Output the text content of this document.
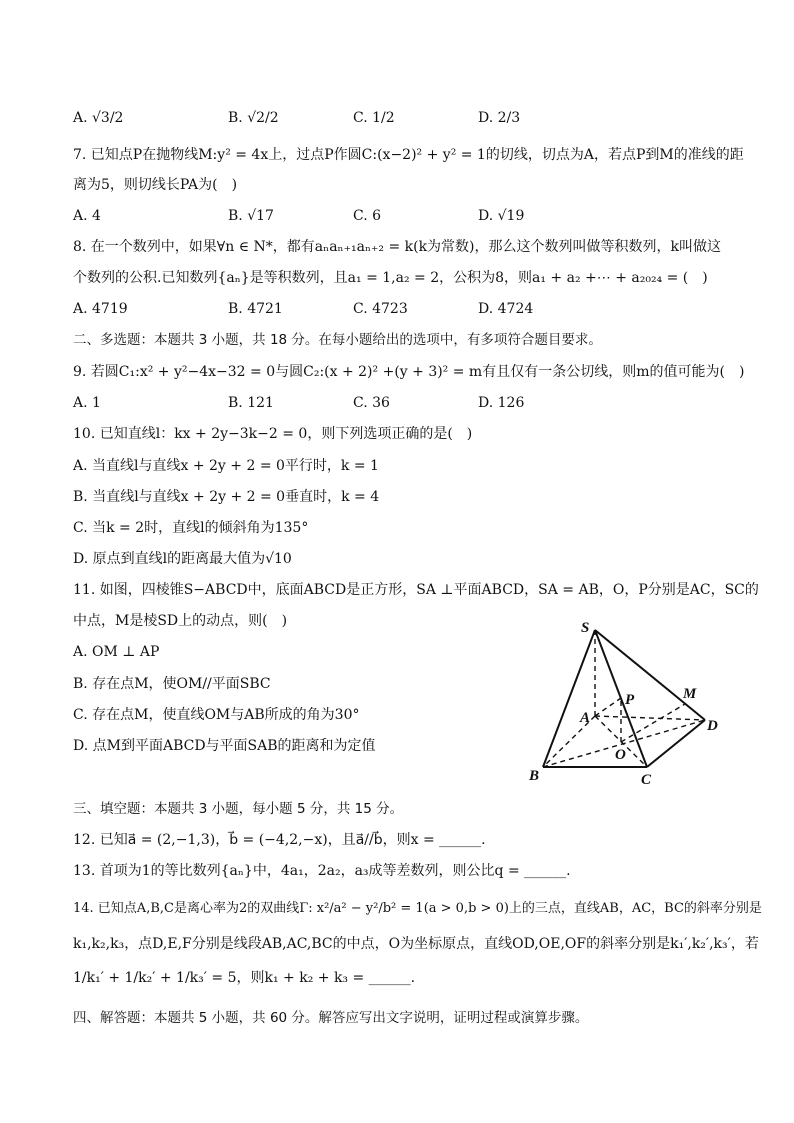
A. √3/2	B. √2/2	C. 1/2	D. 2/3
7. 已知点P在抛物线M:y² = 4x上，过点P作圆C:(x−2)² + y² = 1的切线，切点为A，若点P到M的准线的距
离为5，则切线长PA为(　)
A. 4	B. √17	C. 6	D. √19
8. 在一个数列中，如果∀n ∈ N*，都有aₙaₙ₊₁aₙ₊₂ = k(k为常数)，那么这个数列叫做等积数列，k叫做这
个数列的公积.已知数列{aₙ}是等积数列，且a₁ = 1,a₂ = 2，公积为8，则a₁ + a₂ +⋯ + a₂₀₂₄ = (　)
A. 4719	B. 4721	C. 4723	D. 4724
二、多选题：本题共 3 小题，共 18 分。在每小题给出的选项中，有多项符合题目要求。
9. 若圆C₁:x² + y²−4x−32 = 0与圆C₂:(x + 2)² +(y + 3)² = m有且仅有一条公切线，则m的值可能为(　)
A. 1	B. 121	C. 36	D. 126
10. 已知直线l：kx + 2y−3k−2 = 0，则下列选项正确的是(　)
A. 当直线l与直线x + 2y + 2 = 0平行时，k = 1
B. 当直线l与直线x + 2y + 2 = 0垂直时，k = 4
C. 当k = 2时，直线l的倾斜角为135°
D. 原点到直线l的距离最大值为√10
11. 如图，四棱锥S−ABCD中，底面ABCD是正方形，SA ⊥平面ABCD，SA = AB，O，P分别是AC，SC的
中点，M是棱SD上的动点，则(　)
A. OM ⊥ AP
B. 存在点M，使OM//平面SBC
C. 存在点M，使直线OM与AB所成的角为30°
D. 点M到平面ABCD与平面SAB的距离和为定值
S
A
B	C
D
O
P	M
三、填空题：本题共 3 小题，每小题 5 分，共 15 分。
12. 已知a⃗ = (2,−1,3)，b⃗ = (−4,2,−x)，且a⃗//b⃗，则x = ______.
13. 首项为1的等比数列{aₙ}中，4a₁，2a₂，a₃成等差数列，则公比q = ______.
14. 已知点A,B,C是离心率为2的双曲线Γ: x²/a² − y²/b² = 1(a > 0,b > 0)上的三点，直线AB，AC，BC的斜率分别是
k₁,k₂,k₃，点D,E,F分别是线段AB,AC,BC的中点，O为坐标原点，直线OD,OE,OF的斜率分别是k₁′,k₂′,k₃′，若
1/k₁′ + 1/k₂′ + 1/k₃′ = 5，则k₁ + k₂ + k₃ = ______.
四、解答题：本题共 5 小题，共 60 分。解答应写出文字说明，证明过程或演算步骤。
